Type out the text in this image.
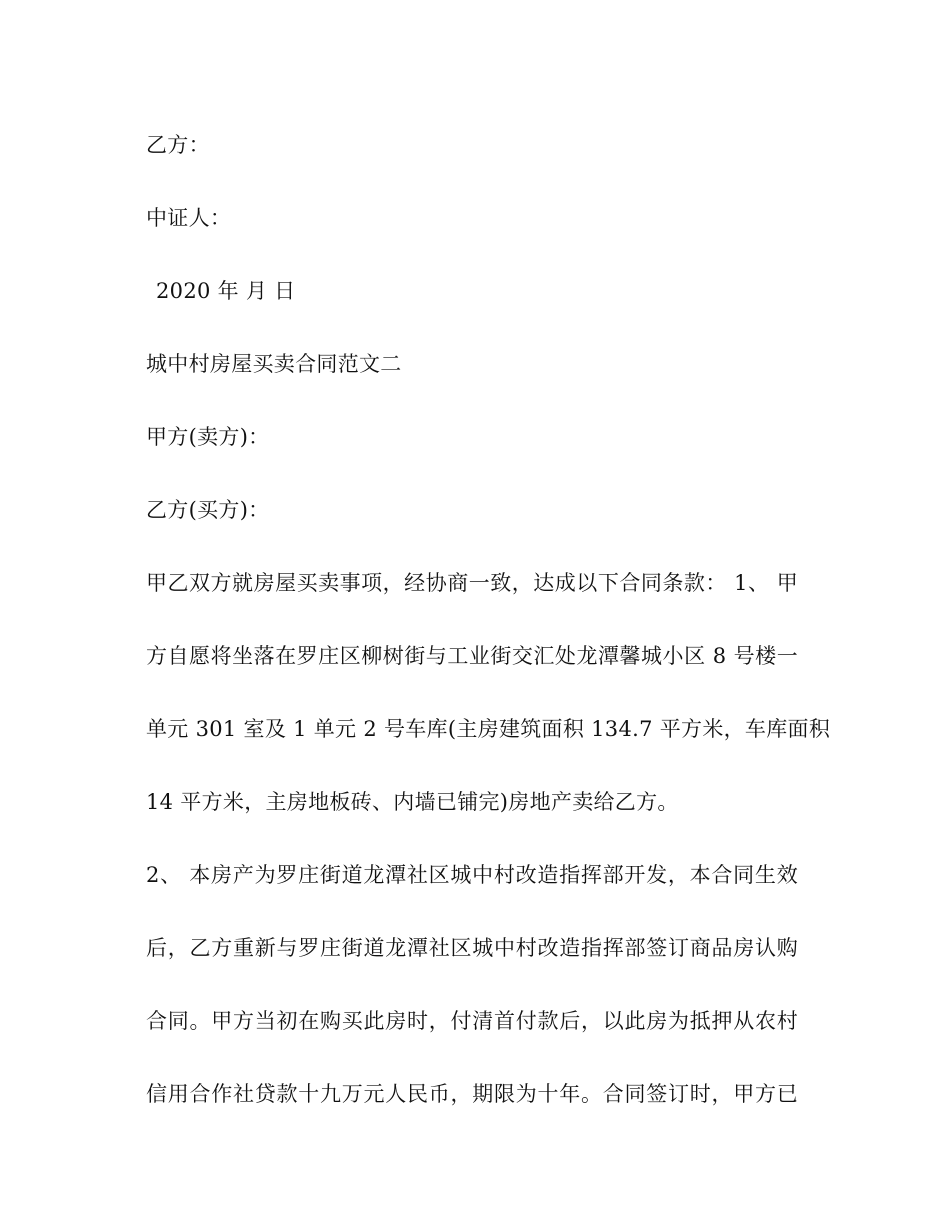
乙方：
中证人：
2020 年 月 日
城中村房屋买卖合同范文二
甲方(卖方)：
乙方(买方)：
甲乙双方就房屋买卖事项，经协商一致，达成以下合同条款： 1、 甲
方自愿将坐落在罗庄区柳树街与工业街交汇处龙潭馨城小区 8 号楼一
单元 301 室及 1 单元 2 号车库(主房建筑面积 134.7 平方米，车库面积
14 平方米，主房地板砖、内墙已铺完)房地产卖给乙方。
2、 本房产为罗庄街道龙潭社区城中村改造指挥部开发，本合同生效
后，乙方重新与罗庄街道龙潭社区城中村改造指挥部签订商品房认购
合同。甲方当初在购买此房时，付清首付款后，以此房为抵押从农村
信用合作社贷款十九万元人民币，期限为十年。合同签订时，甲方已
